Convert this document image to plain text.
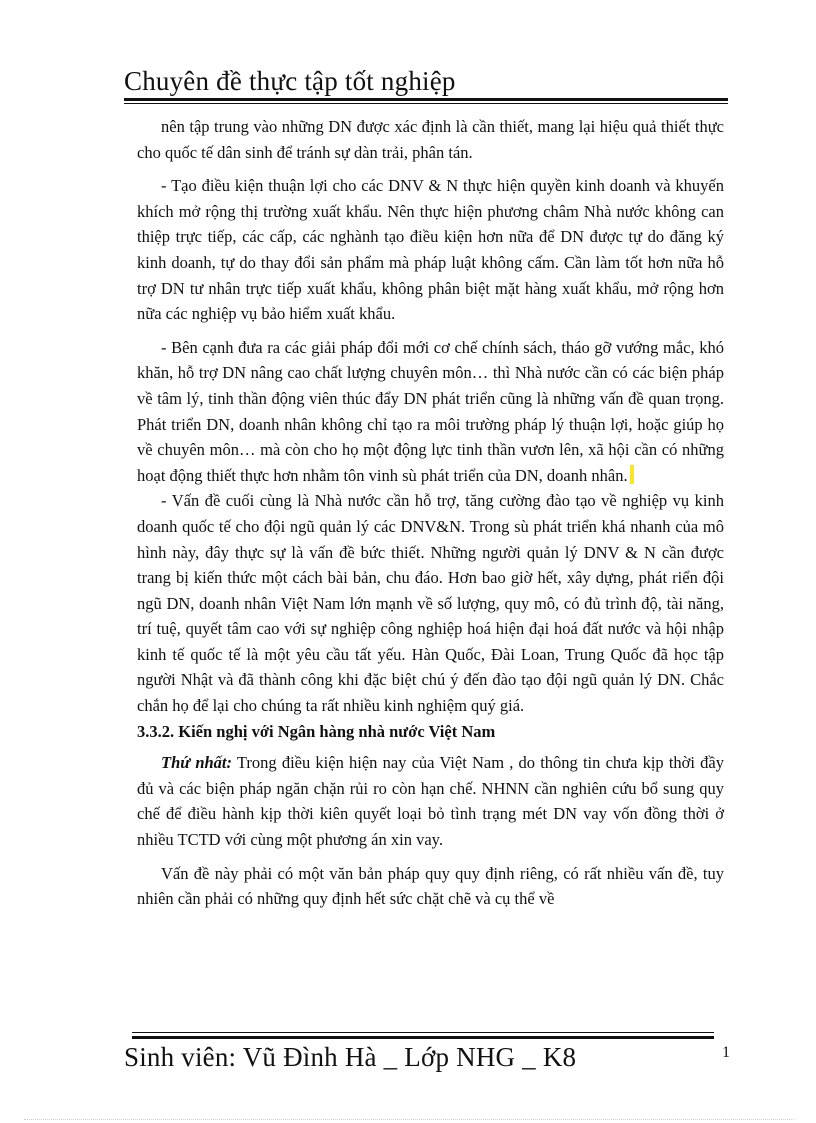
Chuyên đề thực tập tốt nghiệp

nên tập trung vào những DN được xác định là cần thiết, mang lại hiệu quả thiết thực cho quốc tế dân sinh để tránh sự dàn trải, phân tán.

- Tạo điều kiện thuận lợi cho các DNV & N thực hiện quyền kinh doanh và khuyến khích mở rộng thị trường xuất khẩu. Nên thực hiện phương châm Nhà nước không can thiệp trực tiếp, các cấp, các nghành tạo điều kiện hơn nữa để DN được tự do đăng ký kinh doanh, tự do thay đổi sản phẩm mà pháp luật không cấm. Cần làm tốt hơn nữa hỗ trợ DN tư nhân trực tiếp xuất khẩu, không phân biệt mặt hàng xuất khẩu, mở rộng hơn nữa các nghiệp vụ bảo hiểm xuất khẩu.

- Bên cạnh đưa ra các giải pháp đổi mới cơ chế chính sách, tháo gỡ vướng mắc, khó khăn, hỗ trợ DN nâng cao chất lượng chuyên môn… thì Nhà nước cần có các biện pháp về tâm lý, tinh thần động viên thúc đẩy DN phát triển cũng là những vấn đề quan trọng. Phát triển DN, doanh nhân không chỉ tạo ra môi trường pháp lý thuận lợi, hoặc giúp họ về chuyên môn… mà còn cho họ một động lực tinh thần vươn lên, xã hội cần có những hoạt động thiết thực hơn nhằm tôn vinh sù phát triển của DN, doanh nhân.

- Vấn đề cuối cùng là Nhà nước cần hỗ trợ, tăng cường đào tạo về nghiệp vụ kinh doanh quốc tế cho đội ngũ quản lý các DNV&N. Trong sù phát triển khá nhanh của mô hình này, đây thực sự là vấn đề bức thiết. Những người quản lý DNV & N cần được trang bị kiến thức một cách bài bản, chu đáo. Hơn bao giờ hết, xây dựng, phát riển đội ngũ DN, doanh nhân Việt Nam lớn mạnh về số lượng, quy mô, có đủ trình độ, tài năng, trí tuệ, quyết tâm cao với sự nghiệp công nghiệp hoá hiện đại hoá đất nước và hội nhập kinh tế quốc tế là một yêu cầu tất yếu. Hàn Quốc, Đài Loan, Trung Quốc đã học tập người Nhật và đã thành công khi đặc biệt chú ý đến đào tạo đội ngũ quản lý DN. Chắc chắn họ để lại cho chúng ta rất nhiều kinh nghiệm quý giá.

3.3.2. Kiến nghị với Ngân hàng nhà nước Việt Nam

Thứ nhất: Trong điều kiện hiện nay của Việt Nam , do thông tin chưa kịp thời đầy đủ và các biện pháp ngăn chặn rủi ro còn hạn chế. NHNN cần nghiên cứu bổ sung quy chế để điều hành kịp thời kiên quyết loại bỏ tình trạng mét DN vay vốn đồng thời ở nhiều TCTD với cùng một phương án xin vay.

Vấn đề này phải có một văn bản pháp quy quy định riêng, có rất nhiều vấn đề, tuy nhiên cần phải có những quy định hết sức chặt chẽ và cụ thể về

Sinh viên: Vũ Đình Hà _ Lớp NHG _ K8	1
